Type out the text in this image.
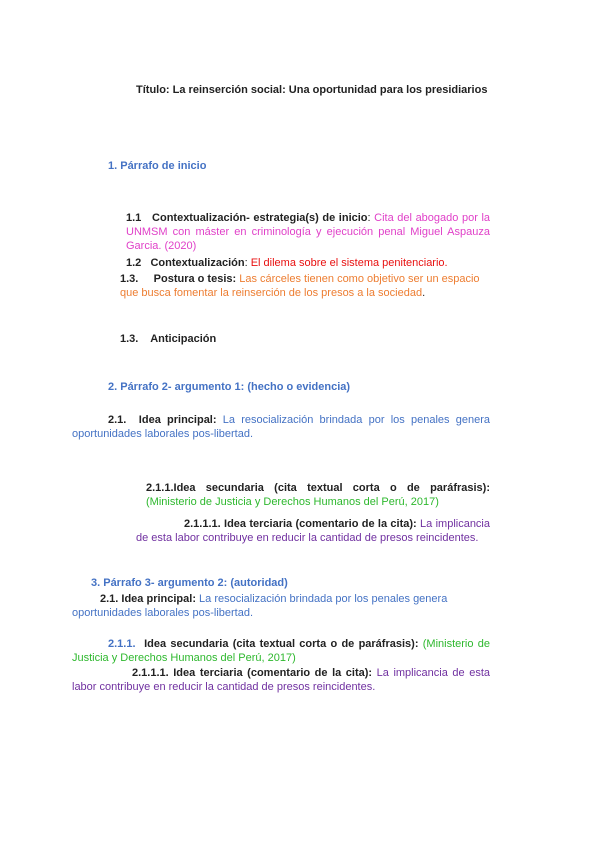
Título: La reinserción social: Una oportunidad para los presidiarios
1. Párrafo de inicio
1.1 Contextualización- estrategia(s) de inicio: Cita del abogado por la UNMSM con máster en criminología y ejecución penal Miguel Aspauza Garcia. (2020)
1.2 Contextualización: El dilema sobre el sistema penitenciario.
1.3. Postura o tesis: Las cárceles tienen como objetivo ser un espacio que busca fomentar la reinserción de los presos a la sociedad.
1.3. Anticipación
2. Párrafo 2- argumento 1: (hecho o evidencia)
2.1. Idea principal: La resocialización brindada por los penales genera oportunidades laborales pos-libertad.
2.1.1.Idea secundaria (cita textual corta o de paráfrasis): (Ministerio de Justicia y Derechos Humanos del Perú, 2017)
2.1.1.1. Idea terciaria (comentario de la cita): La implicancia de esta labor contribuye en reducir la cantidad de presos reincidentes.
3. Párrafo 3- argumento 2: (autoridad)
2.1. Idea principal: La resocialización brindada por los penales genera oportunidades laborales pos-libertad.
2.1.1. Idea secundaria (cita textual corta o de paráfrasis): (Ministerio de Justicia y Derechos Humanos del Perú, 2017)
2.1.1.1. Idea terciaria (comentario de la cita): La implicancia de esta labor contribuye en reducir la cantidad de presos reincidentes.
